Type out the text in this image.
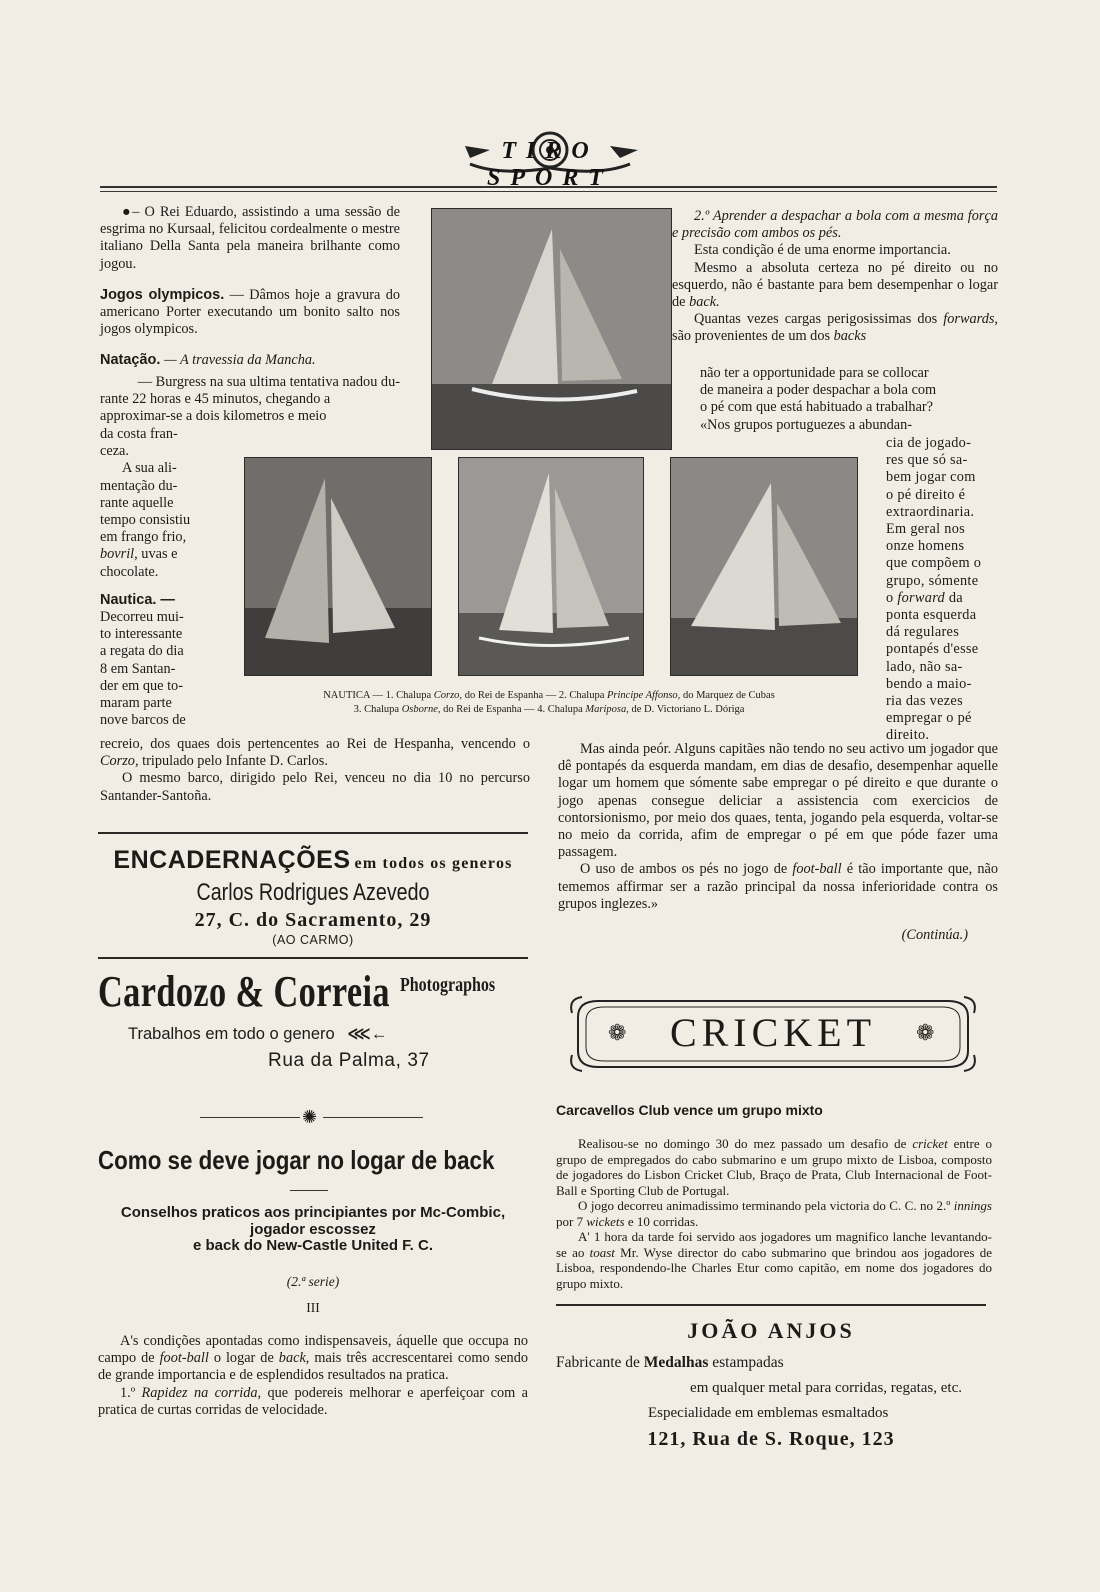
TIRO SPORT

●– O Rei Eduardo, assistindo a uma sessão de esgrima no Kursaal, felicitou cordealmente o mestre italiano Della Santa pela maneira brilhante como jogou.

Jogos olympicos. — Dâmos hoje a gravura do americano Porter executando um bonito salto nos jogos olympicos.

Natação. — A travessia da Mancha.

— Burgress na sua ultima tentativa nadou du-
rante 22 horas e 45 minutos, chegando a
approximar-se a dois kilometros e meio
da costa fran-
ceza.
A sua ali-
mentação du-
rante aquelle
tempo consistiu
em frango frio,
bovril, uvas e
chocolate.
Nautica. —
Decorreu mui-
to interessante
a regata do dia
8 em Santan-
der em que to-
maram parte
nove barcos de

recreio, dos quaes dois pertencentes ao Rei de Hespanha, vencendo o Corzo, tripulado pelo Infante D. Carlos.

O mesmo barco, dirigido pelo Rei, venceu no dia 10 no percurso Santander-Santoña.

NAUTICA — 1. Chalupa Corzo, do Rei de Espanha — 2. Chalupa Principe Affonso, do Marquez de Cubas
3. Chalupa Osborne, do Rei de Espanha — 4. Chalupa Mariposa, de D. Victoriano L. Dóriga

2.º Aprender a despachar a bola com a mesma força e precisão com ambos os pés.

Esta condição é de uma enorme importancia.

Mesmo a absoluta certeza no pé direito ou no esquerdo, não é bastante para bem desempenhar o logar de back.

Quantas vezes cargas perigosissimas dos forwards, são provenientes de um dos backs

não ter a opportunidade para se collocar
de maneira a poder despachar a bola com
o pé com que está habituado a trabalhar?
«Nos grupos portuguezes a abundan-
cia de jogado-
res que só sa-
bem jogar com
o pé direito é
extraordinaria.
Em geral nos
onze homens
que compõem o
grupo, sómente
o forward da
ponta esquerda
dá regulares
pontapés d'esse
lado, não sa-
bendo a maio-
ria das vezes
empregar o pé
direito.

Mas ainda peór. Alguns capitães não tendo no seu activo um jogador que dê pontapés da esquerda mandam, em dias de desafio, desempenhar aquelle logar um homem que sómente sabe empregar o pé direito e que durante o jogo apenas consegue deliciar a assistencia com exercicios de contorsionismo, por meio dos quaes, tenta, jogando pela esquerda, voltar-se no meio da corrida, afim de empregar o pé em que póde fazer uma passagem.

O uso de ambos os pés no jogo de foot-ball é tão importante que, não tememos affirmar ser a razão principal da nossa inferioridade contra os grupos inglezes.»

(Continúa.)

ENCADERNAÇÕES em todos os generos
Carlos Rodrigues Azevedo
27, C. do Sacramento, 29
(AO CARMO)
Cardozo & Correia Photographos
Trabalhos em todo o genero ⋘←
Rua da Palma, 37
✺
Como se deve jogar no logar de back
Conselhos praticos aos principiantes por Mc-Combic,
jogador escossez
e back do New-Castle United F. C.
(2.ª serie)
III

A's condições apontadas como indispensaveis, áquelle que occupa no campo de foot-ball o logar de back, mais três accrescentarei como sendo de grande importancia e de esplendidos resultados na pratica.

1.º Rapidez na corrida, que podereis melhorar e aperfeiçoar com a pratica de curtas corridas de velocidade.

❁	CRICKET	❁
Carcavellos Club vence um grupo mixto

Realisou-se no domingo 30 do mez passado um desafio de cricket entre o grupo de empregados do cabo submarino e um grupo mixto de Lisboa, composto de jogadores do Lisbon Cricket Club, Braço de Prata, Club Internacional de Foot-Ball e Sporting Club de Portugal.

O jogo decorreu animadissimo terminando pela victoria do C. C. no 2.º innings por 7 wickets e 10 corridas.

A' 1 hora da tarde foi servido aos jogadores um magnifico lanche levantando-se ao toast Mr. Wyse director do cabo submarino que brindou aos jogadores de Lisboa, respondendo-lhe Charles Etur como capitão, em nome dos jogadores do grupo mixto.

JOÃO ANJOS
Fabricante de Medalhas estampadas
em qualquer metal para corridas, regatas, etc.
Especialidade em emblemas esmaltados
121, Rua de S. Roque, 123
